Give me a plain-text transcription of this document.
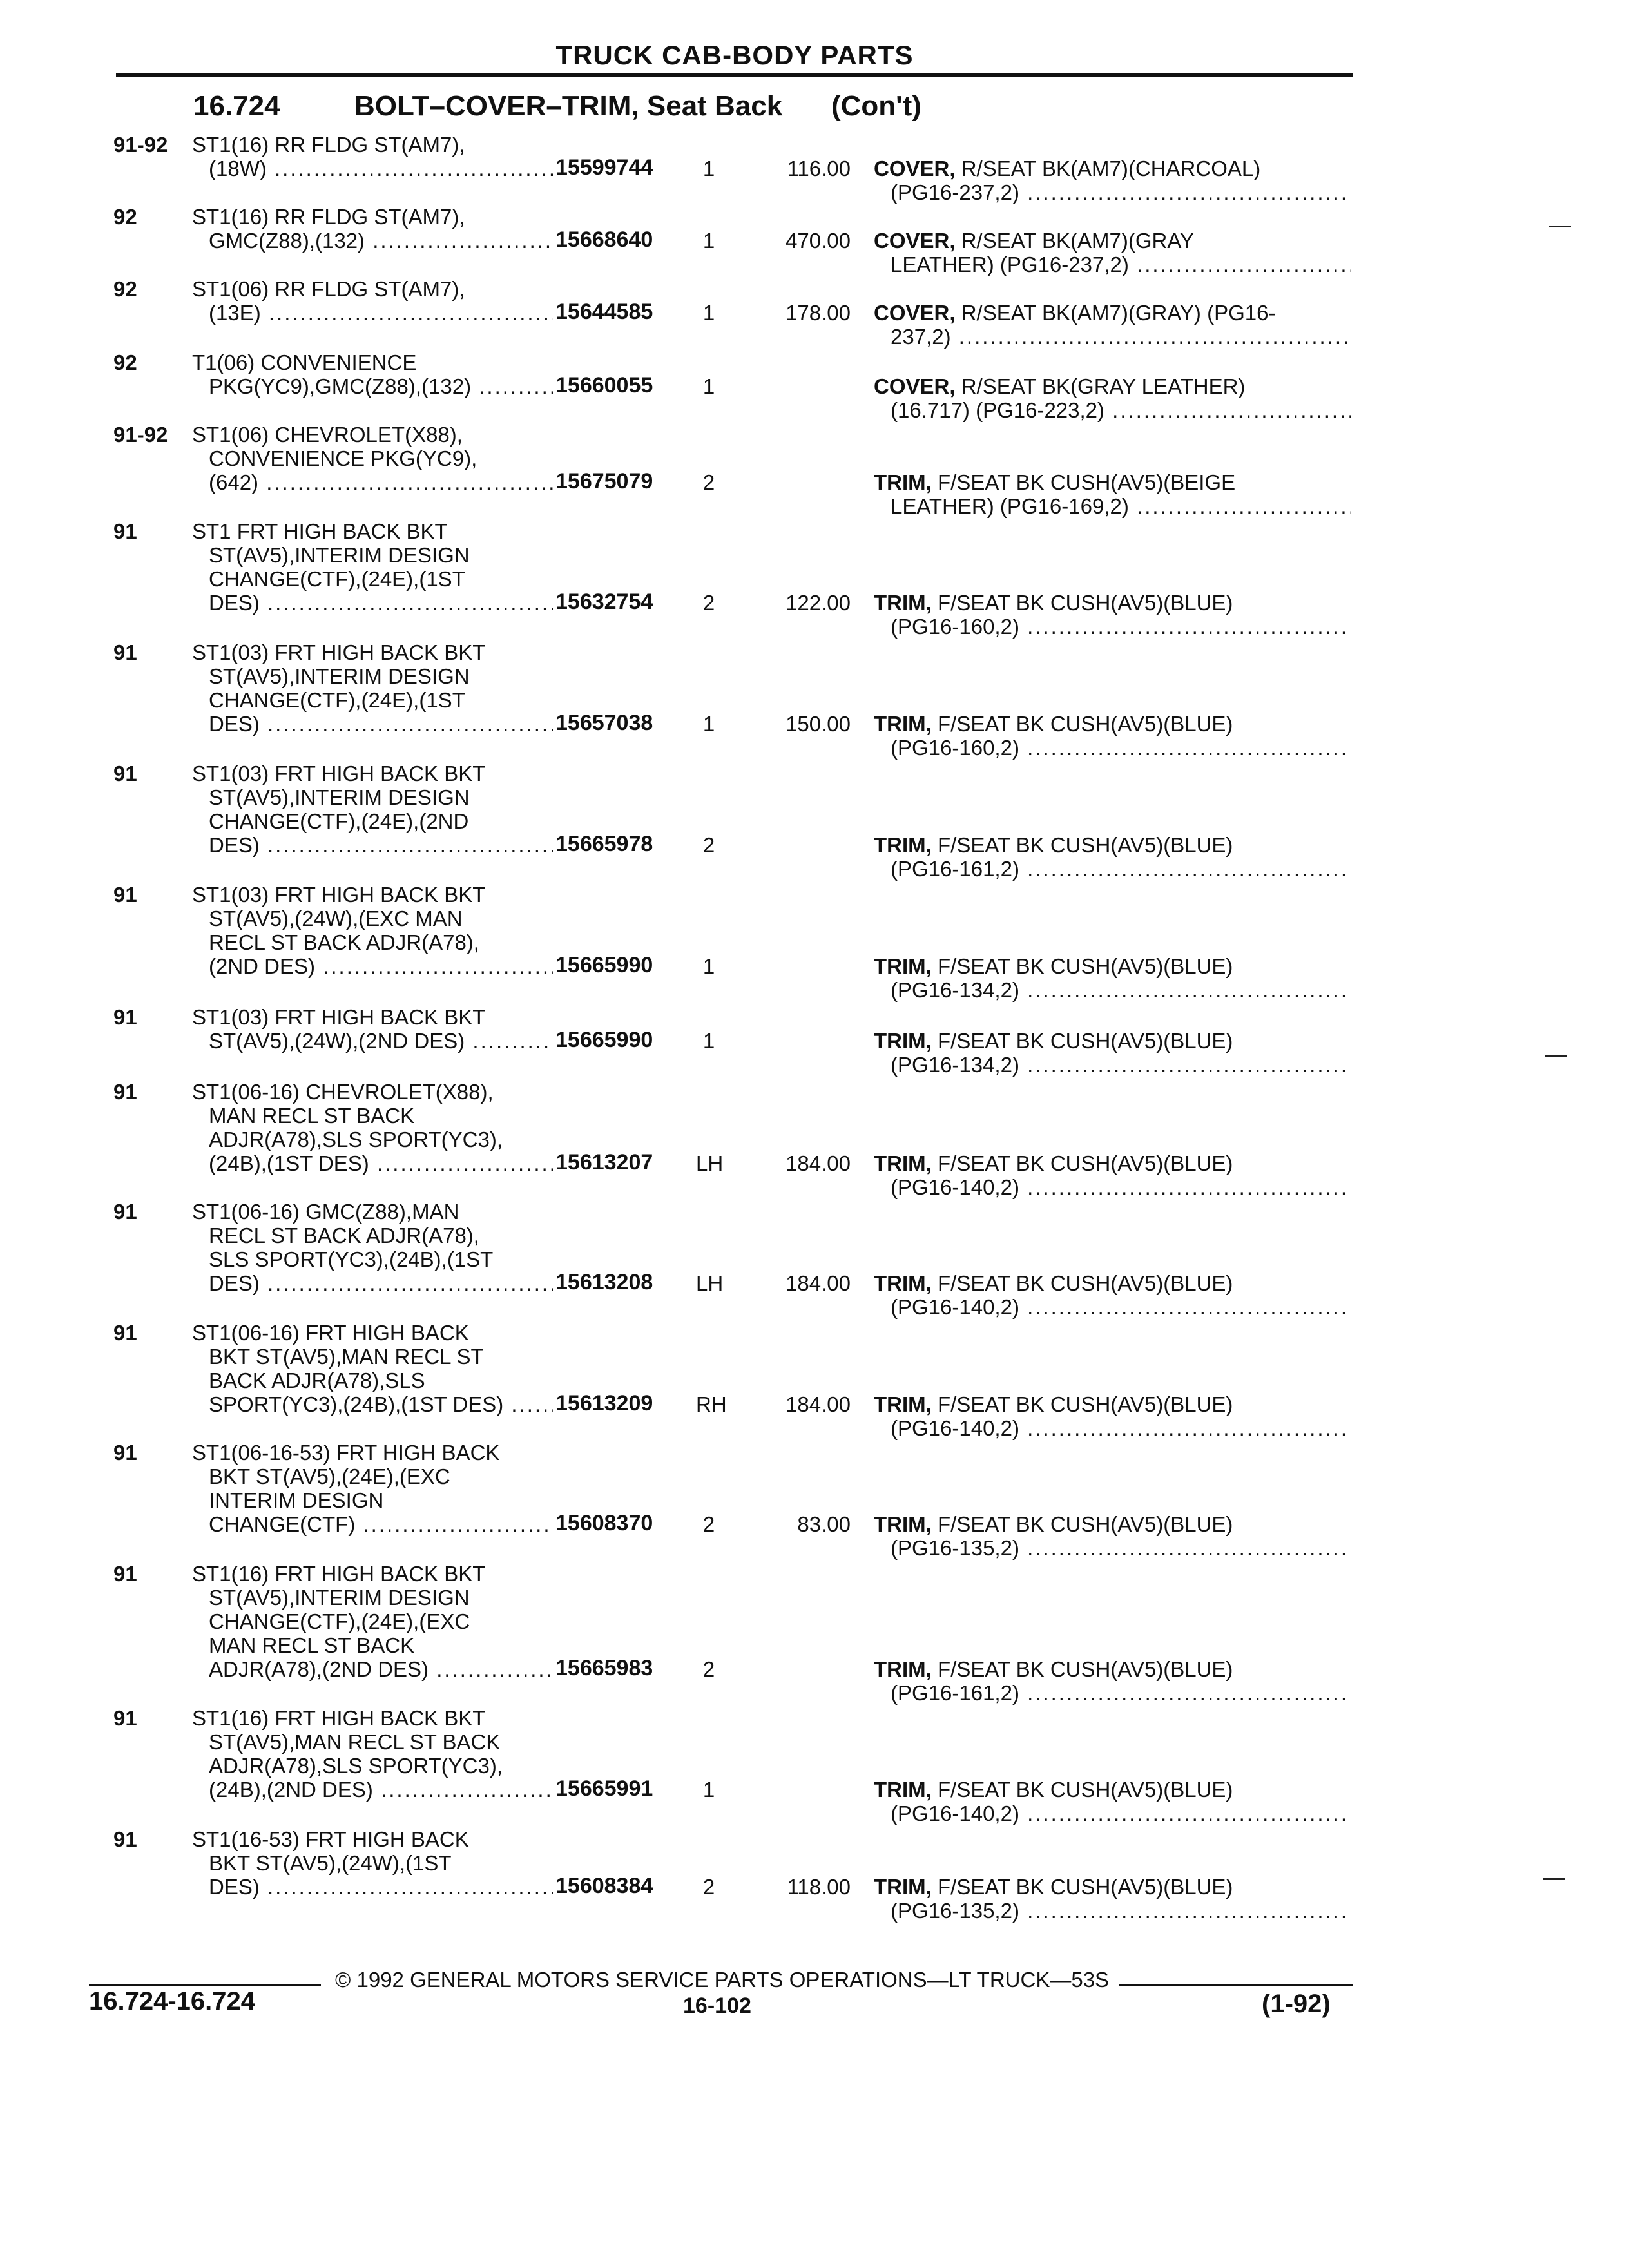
TRUCK CAB-BODY PARTS
16.724	BOLT–COVER–TRIM, Seat Back (Con't)
91-92 ST1(16) RR FLDG ST(AM7),
(18W) .....	15599744	1	116.00 COVER, R/SEAT BK(AM7)(CHARCOAL)
(PG16-237,2) .....
92	ST1(16) RR FLDG ST(AM7),
GMC(Z88),(132) .....	15668640	1	470.00 COVER, R/SEAT BK(AM7)(GRAY
LEATHER) (PG16-237,2) .....
92	ST1(06) RR FLDG ST(AM7),
(13E) .....	15644585	1	178.00 COVER, R/SEAT BK(AM7)(GRAY) (PG16-
237,2) .....
92	T1(06) CONVENIENCE
PKG(YC9),GMC(Z88),(132) .....	15660055	1	COVER, R/SEAT BK(GRAY LEATHER)
(16.717) (PG16-223,2) .....
91-92 ST1(06) CHEVROLET(X88),
CONVENIENCE PKG(YC9),
(642) .....	15675079	2	TRIM, F/SEAT BK CUSH(AV5)(BEIGE
LEATHER) (PG16-169,2) .....
91	ST1 FRT HIGH BACK BKT
ST(AV5),INTERIM DESIGN
CHANGE(CTF),(24E),(1ST
DES) .....	15632754	2	122.00 TRIM, F/SEAT BK CUSH(AV5)(BLUE)
(PG16-160,2) .....
91	ST1(03) FRT HIGH BACK BKT
ST(AV5),INTERIM DESIGN
CHANGE(CTF),(24E),(1ST
DES) .....	15657038	1	150.00 TRIM, F/SEAT BK CUSH(AV5)(BLUE)
(PG16-160,2) .....
91	ST1(03) FRT HIGH BACK BKT
ST(AV5),INTERIM DESIGN
CHANGE(CTF),(24E),(2ND
DES) .....	15665978	2	TRIM, F/SEAT BK CUSH(AV5)(BLUE)
(PG16-161,2) .....
91	ST1(03) FRT HIGH BACK BKT
ST(AV5),(24W),(EXC MAN
RECL ST BACK ADJR(A78),
(2ND DES) .....	15665990	1	TRIM, F/SEAT BK CUSH(AV5)(BLUE)
(PG16-134,2) .....
91	ST1(03) FRT HIGH BACK BKT
ST(AV5),(24W),(2ND DES) .....	15665990	1	TRIM, F/SEAT BK CUSH(AV5)(BLUE)
(PG16-134,2) .....
91	ST1(06-16) CHEVROLET(X88),
MAN RECL ST BACK
ADJR(A78),SLS SPORT(YC3),
(24B),(1ST DES) .....	15613207 LH	184.00 TRIM, F/SEAT BK CUSH(AV5)(BLUE)
(PG16-140,2) .....
91	ST1(06-16) GMC(Z88),MAN
RECL ST BACK ADJR(A78),
SLS SPORT(YC3),(24B),(1ST
DES) .....	15613208 LH	184.00 TRIM, F/SEAT BK CUSH(AV5)(BLUE)
(PG16-140,2) .....
91	ST1(06-16) FRT HIGH BACK
BKT ST(AV5),MAN RECL ST
BACK ADJR(A78),SLS
SPORT(YC3),(24B),(1ST DES) .....	15613209 RH	184.00 TRIM, F/SEAT BK CUSH(AV5)(BLUE)
(PG16-140,2) .....
91	ST1(06-16-53) FRT HIGH BACK
BKT ST(AV5),(24E),(EXC
INTERIM DESIGN
CHANGE(CTF) .....	15608370	2	83.00 TRIM, F/SEAT BK CUSH(AV5)(BLUE)
(PG16-135,2) .....
91	ST1(16) FRT HIGH BACK BKT
ST(AV5),INTERIM DESIGN
CHANGE(CTF),(24E),(EXC
MAN RECL ST BACK
ADJR(A78),(2ND DES) .....	15665983	2	TRIM, F/SEAT BK CUSH(AV5)(BLUE)
(PG16-161,2) .....
91	ST1(16) FRT HIGH BACK BKT
ST(AV5),MAN RECL ST BACK
ADJR(A78),SLS SPORT(YC3),
(24B),(2ND DES) .....	15665991	1	TRIM, F/SEAT BK CUSH(AV5)(BLUE)
(PG16-140,2) .....
91	ST1(16-53) FRT HIGH BACK
BKT ST(AV5),(24W),(1ST
DES) .....	15608384	2	118.00 TRIM, F/SEAT BK CUSH(AV5)(BLUE)
(PG16-135,2) .....
© 1992 GENERAL MOTORS SERVICE PARTS OPERATIONS—LT TRUCK—53S
16.724-16.724	16-102	(1-92)
